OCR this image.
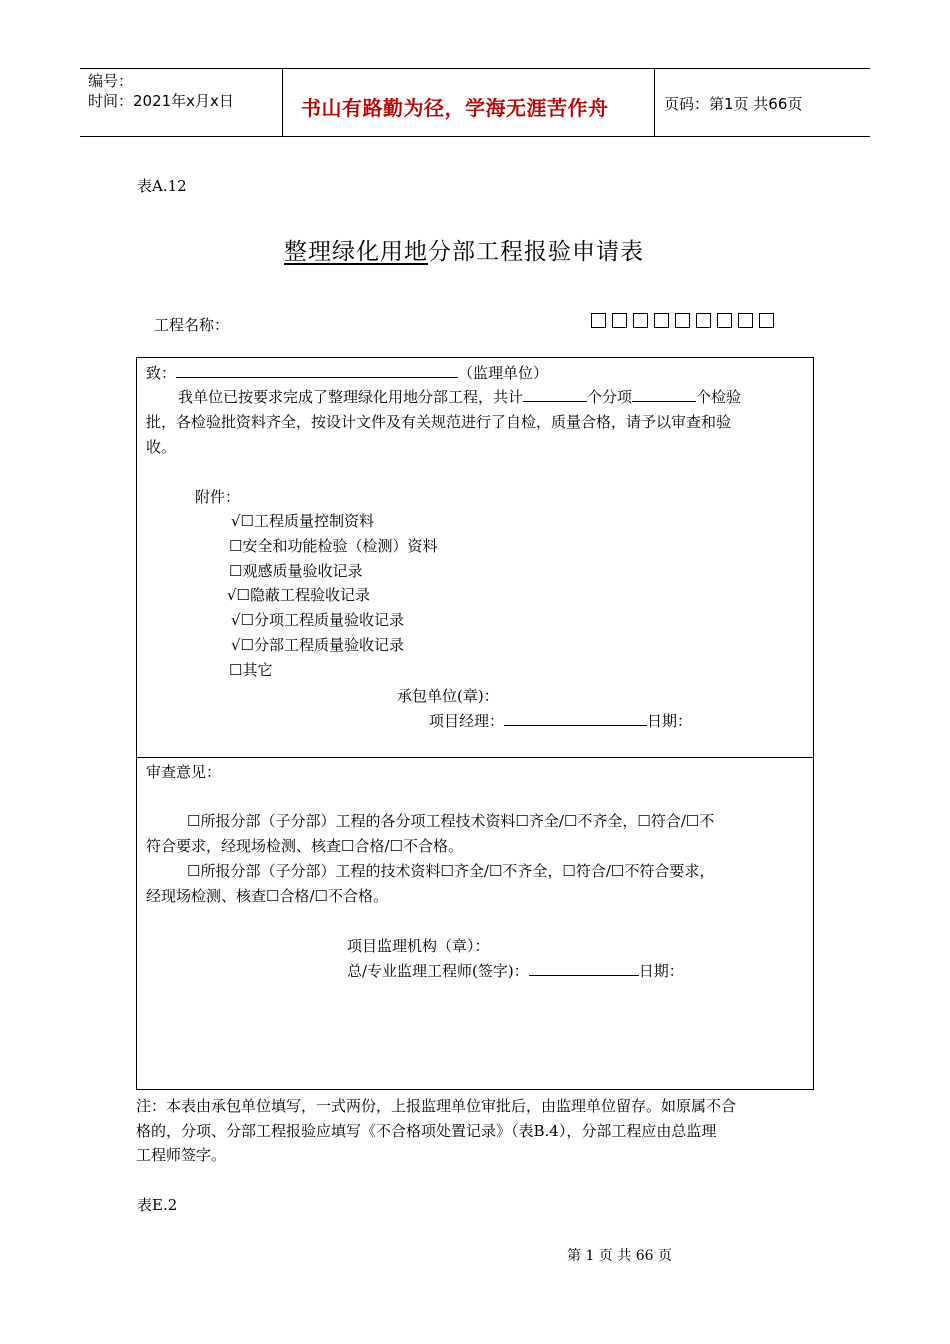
编号：
时间：2021年x月x日	书山有路勤为径，学海无涯苦作舟	页码：第1页 共66页
表A.12
整理绿化用地分部工程报验申请表
工程名称：
致：	（监理单位）
我单位已按要求完成了整理绿化用地分部工程，共计	个分项	个检验
批，各检验批资料齐全，按设计文件及有关规范进行了自检，质量合格，请予以审查和验
收。
附件：
√☐工程质量控制资料
☐安全和功能检验（检测）资料
☐观感质量验收记录
√☐隐蔽工程验收记录
√☐分项工程质量验收记录
√☐分部工程质量验收记录
☐其它
承包单位(章)：
项目经理：	日期：
审查意见：
☐所报分部（子分部）工程的各分项工程技术资料☐齐全/☐不齐全，☐符合/☐不
符合要求，经现场检测、核查☐合格/☐不合格。
☐所报分部（子分部）工程的技术资料☐齐全/☐不齐全，☐符合/☐不符合要求，
经现场检测、核查☐合格/☐不合格。
项目监理机构（章）：
总/专业监理工程师(签字)：	日期：
注：本表由承包单位填写，一式两份，上报监理单位审批后，由监理单位留存。如原属不合
格的，分项、分部工程报验应填写《不合格项处置记录》（表B.4），分部工程应由总监理
工程师签字。
表E.2
第 1 页 共 66 页
